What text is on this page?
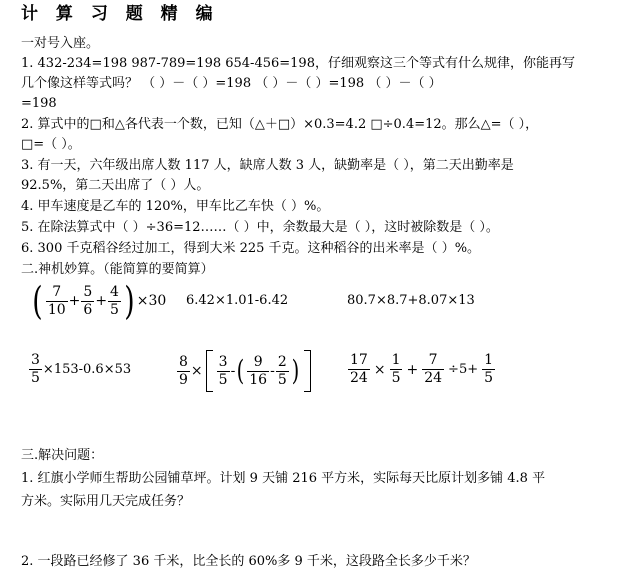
计 算 习 题 精 编
一对号入座。
1. 432-234=198 987-789=198 654-456=198，仔细观察这三个等式有什么规律，你能再写
几个像这样等式吗？ （ ）－（ ）=198 （ ）－（ ）=198 （ ）－（ ）
=198
2. 算式中的□和△各代表一个数，已知（△＋□）×0.3=4.2 □÷0.4=12。那么△=（ ），
□=（ ）。
3. 有一天，六年级出席人数 117 人，缺席人数 3 人，缺勤率是（ ），第二天出勤率是
92.5%，第二天出席了（ ）人。
4. 甲车速度是乙车的 120%，甲车比乙车快（ ）%。
5. 在除法算式中（ ）÷36=12……（ ）中，余数最大是（ ），这时被除数是（ ）。
6. 300 千克稻谷经过加工，得到大米 225 千克。这种稻谷的出米率是（ ）%。
二.神机妙算。（能简算的要简算）
( $\frac{7}{10} + \frac{5}{6} + \frac{4}{5}$ ) ×30 6.42×1.01-6.42	80.7×8.7+8.07×13
$\frac{3}{5} \times 153-0.6\times 53$	$\frac{8}{9} \times \frac{3}{5}$ - ( $\frac{9}{16} - \frac{2}{5}$ )	$\frac{17}{24} \times \frac{1}{5} + \frac{7}{24} \div 5+ \frac{1}{5}$
三.解决问题：
1. 红旗小学师生帮助公园铺草坪。计划 9 天铺 216 平方米，实际每天比原计划多铺 4.8 平
方米。实际用几天完成任务？
2. 一段路已经修了 36 千米，比全长的 60%多 9 千米，这段路全长多少千米？
